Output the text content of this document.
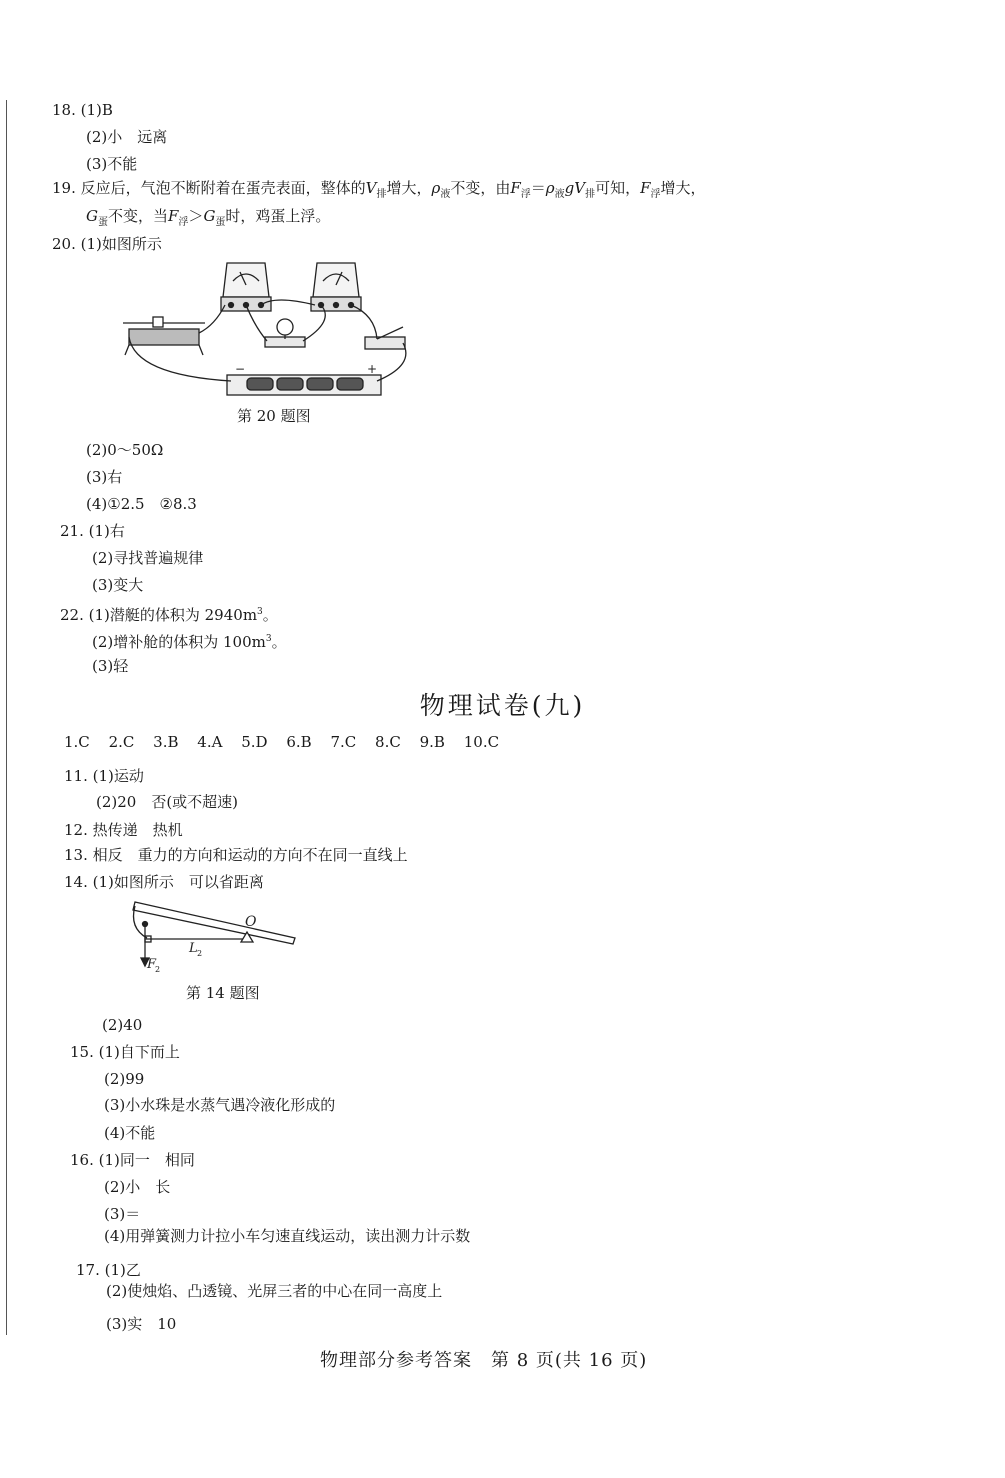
18. (1)B
(2)小　远离
(3)不能
19. 反应后，气泡不断附着在蛋壳表面，整体的$V_排$增大，$\rho_液$不变，由$F_浮=\rho_液gV_排$可知，$F_浮$增大，
$G_蛋$不变，当$F_浮>G_蛋$时，鸡蛋上浮。
20. (1)如图所示
−	+
第 20 题图
(2)0～50Ω
(3)右
(4)①2.5　②8.3
21. (1)右
(2)寻找普遍规律
(3)变大
22. (1)潜艇的体积为 $2940m^3$。
(2)增补舱的体积为 $100m^3$。
(3)轻
物理试卷(九)
1.C 2.C 3.B 4.A 5.D 6.B 7.C 8.C 9.B 10.C
11. (1)运动
(2)20　否(或不超速)
12. 热传递　热机
13. 相反　重力的方向和运动的方向不在同一直线上
14. (1)如图所示　可以省距离
O
L 2
F
2
第 14 题图
(2)40
15. (1)自下而上
(2)99
(3)小水珠是水蒸气遇冷液化形成的
(4)不能
16. (1)同一　相同
(2)小　长
(3)＝
(4)用弹簧测力计拉小车匀速直线运动，读出测力计示数
17. (1)乙
(2)使烛焰、凸透镜、光屏三者的中心在同一高度上
(3)实　10
物理部分参考答案　第 8 页(共 16 页)
